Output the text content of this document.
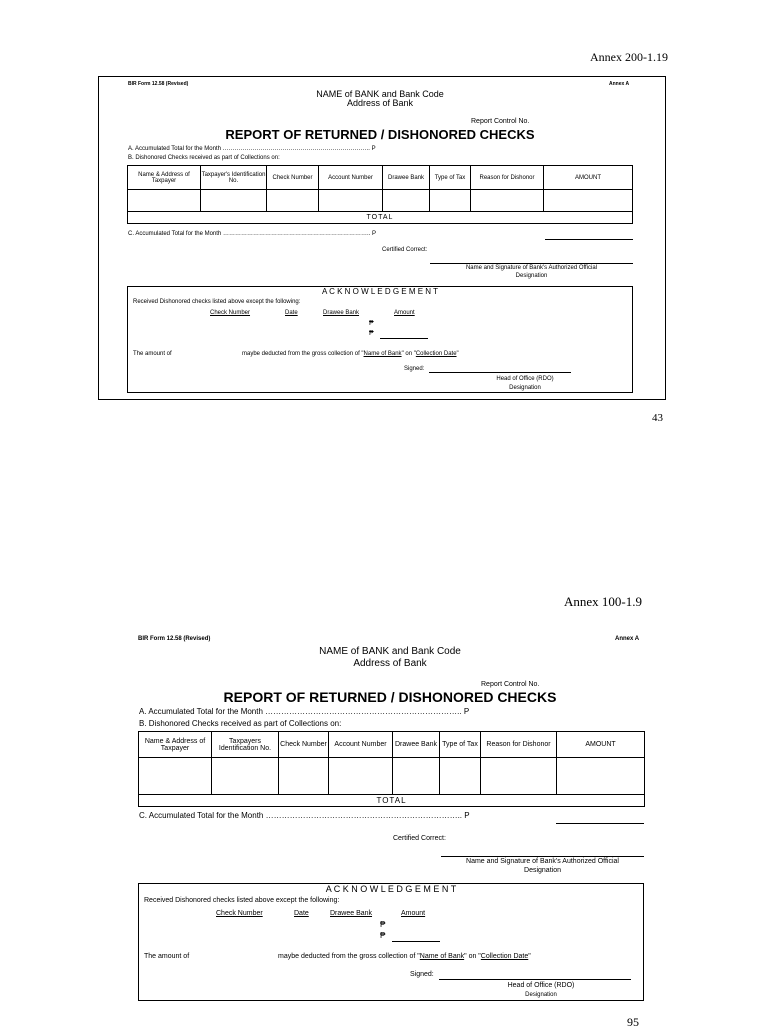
Annex 200-1.19
BIR Form 12.58 (Revised)	Annex A
NAME of BANK and Bank Code
Address of Bank
Report Control No.
REPORT OF RETURNED / DISHONORED CHECKS
A. Accumulated Total for the Month ……………………………………………………………….. P
B. Dishonored Checks received as part of Collections on:
Name & Address of Taxpayer	Taxpayer's Identification No.	Check Number	Account Number	Drawee Bank	Type of Tax	Reason for Dishonor	AMOUNT

TOTAL							
C. Accumulated Total for the Month ……………………………………………………………….. P
Certified Correct:
Name and Signature of Bank's Authorized Official
Designation
A C K N O W L E D G E M E N T
Received Dishonored checks listed above except the following:
Check Number	Date	Drawee Bank	Amount
₱
₱
The amount of	maybe deducted from the gross collection of "Name of Bank" on "Collection Date"
Signed:
Head of Office (RDO)
Designation
43
Annex 100-1.9
BIR Form 12.58 (Revised)	Annex A
NAME of BANK and Bank Code
Address of Bank
Report Control No.
REPORT OF RETURNED / DISHONORED CHECKS
A. Accumulated Total for the Month ……………………………………………………………….. P
B. Dishonored Checks received as part of Collections on:
Name & Address of Taxpayer	Taxpayers Identification No.	Check Number	Account Number	Drawee Bank	Type of Tax	Reason for Dishonor	AMOUNT

TOTAL							
C. Accumulated Total for the Month ……………………………………………………………….. P
Certified Correct:
Name and Signature of Bank's Authorized Official
Designation
A C K N O W L E D G E M E N T
Received Dishonored checks listed above except the following:
Check Number	Date	Drawee Bank	Amount
₱
₱
The amount of	maybe deducted from the gross collection of "Name of Bank" on "Collection Date"
Signed:
Head of Office (RDO)
Designation
95
